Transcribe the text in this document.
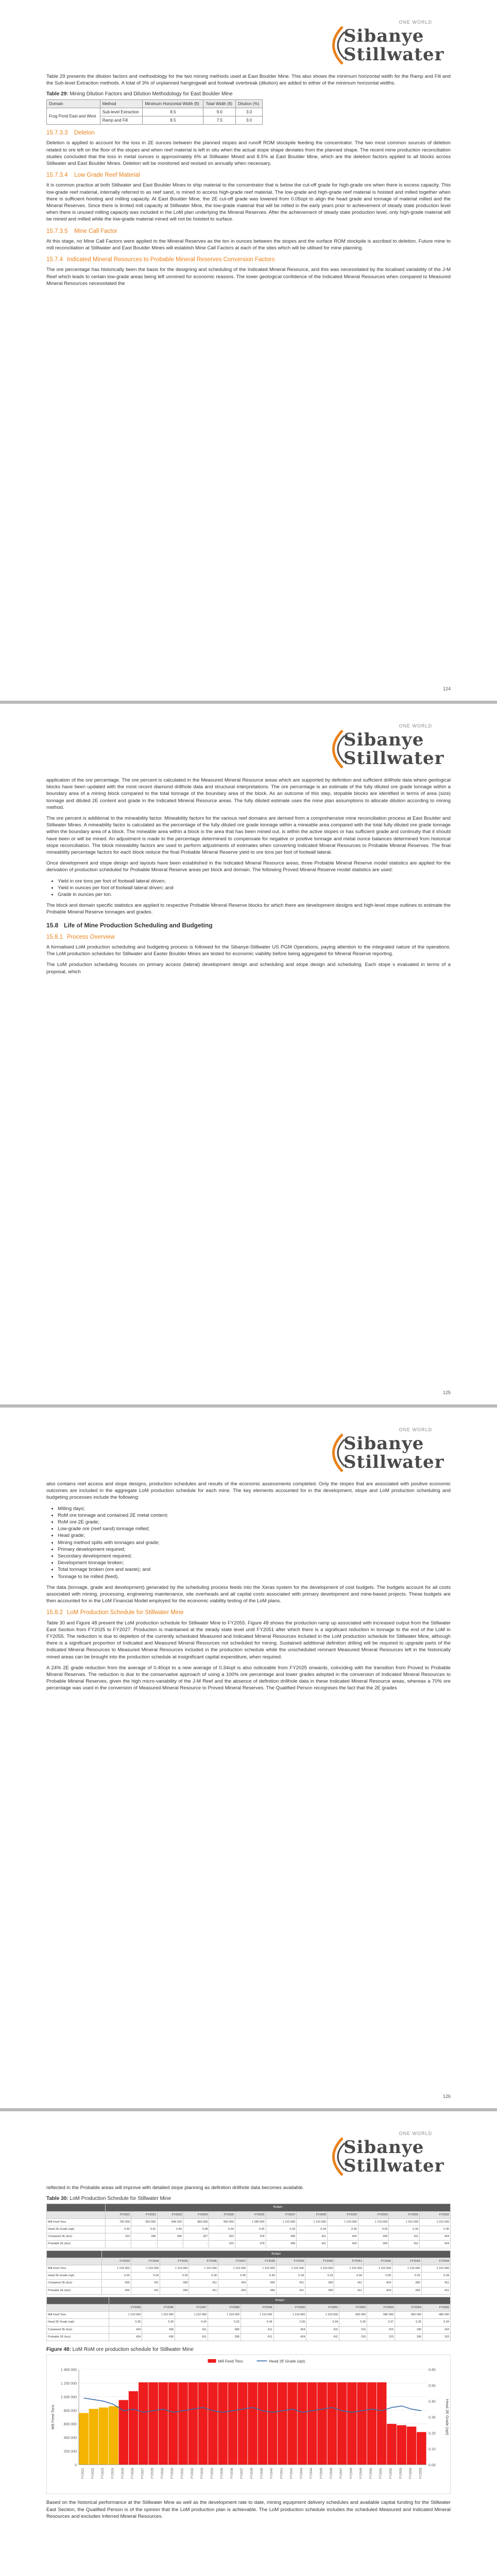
ONE WORLD
Sibanye
Stillwater

Table 29 presents the dilution factors and methodology for the two mining methods used at East Boulder Mine. This also shows the minimum horizontal width for the Ramp and Fill and the Sub-level Extraction methods. A total of 3% of unplanned hangingwall and footwall overbreak (dilution) are added to either of the minimum horizontal widths.

Table 29: Mining Dilution Factors and Dilution Methodology for East Boulder Mine
Domain	Method	Minimum Horizontal Width (ft)	Total Width (ft)	Dilution (%)
Frog Pond East and West	Sub-level Extraction	8.5	9.0	3.0
	Ramp and Fill	8.5	7.5	3.0
15.7.3.3 Deleton

Deletion is applied to account for the loss in 2E ounces between the planned stopes and runoff ROM stockpile feeding the concentrator. The two most common sources of deletion related to ore left on the floor of the stopes and when reef material is left in situ when the actual stope shape deviates from the planned shape. The recent mine production reconciliation studies concluded that the loss in metal ounces is approximately 6% at Stillwater Mined and 8.5% at East Boulder Mine, which are the deletion factors applied to all blocks across Stillwater and East Boulder Mines. Deletion will be monitored and revised on annually when necessary.

15.7.3.4 Low Grade Reef Material

It is common practice at both Stillwater and East Boulder Mines to ship material to the concentrator that is below the cut-off grade for high-grade ore when there is excess capacity. This low-grade reef material, internally referred to as reef sand, is mined to access high-grade reef material. The low-grade and high-grade reef material is hoisted and milled together when there is sufficient hoisting and milling capacity. At East Boulder Mine, the 2E cut-off grade was lowered from 0.05opt to align the head grade and tonnage of material milled and the Mineral Reserves. Since there is limited mill capacity at Stillwater Mine, the low-grade material that will be milled in the early years prior to achievement of steady state production level when there is unused milling capacity was included in the LoM plan underlying the Mineral Reserves. After the achievement of steady state production level, only high-grade material will be mined and milled while the low-grade material mined will not be hoisted to surface.

15.7.3.5 Mine Call Factor

At this stage, no Mine Call Factors were applied to the Mineral Reserves as the ton in ounces between the stopes and the surface ROM stockpile is ascribed to deletion. Future mine to mill reconciliation at Stillwater and East Boulder Mines will establish Mine Call Factors at each of the sites which will be utilised for mine planning.

15.7.4 Indicated Mineral Resources to Probable Mineral Reserves Conversion Factors

The ore percentage has historically been the basis for the designing and scheduling of the Indicated Mineral Resource, and this was necessitated by the localised variability of the J-M Reef which leads to certain low-grade areas being left unmined for economic reasons. The lower geological confidence of the Indicated Mineral Resources when compared to Measured Mineral Resources necessitated the

124
ONE WORLD
Sibanye
Stillwater

application of the ore percentage. The ore percent is calculated in the Measured Mineral Resource areas which are supported by definition and sufficient drillhole data where geological blocks have been updated with the most recent diamond drillhole data and structural interpretations. The ore percentage is an estimate of the fully diluted ore grade tonnage within a boundary area of a mining block compared to the total tonnage of the boundary area of the block. As an outcome of this step, stopable blocks are identified in terms of area (size) tonnage and diluted 2E content and grade in the Indicated Mineral Resource areas. The fully diluted estimate uses the mine plan assumptions to allocate dilution according to mining method.

The ore percent is additional to the mineability factor. Mineability factors for the various reef domains are derived from a comprehensive mine reconciliation process at East Boulder and Stillwater Mines. A mineability factor is calculated as the percentage of the fully diluted ore grade tonnage within a mineable area compared with the total fully diluted ore grade tonnage within the boundary area of a block. The mineable area within a block is the area that has been mined out, is within the active stopes or has sufficient grade and continuity that it should have been or will be mined. An adjustment is made to the percentage determined to compensate for negative or positive tonnage and metal ounce balances determined from historical stope reconciliation. The block mineability factors are used to perform adjustments of estimates when converting Indicated Mineral Resources to Probable Mineral Reserves. The final mineability percentage factors for each block reduce the final Probable Mineral Reserve yield to ore tons per foot of footwall lateral.

Once development and stope design and layouts have been established in the Indicated Mineral Resource areas, three Probable Mineral Reserve model statistics are applied for the derivation of production scheduled for Probable Mineral Reserve areas per block and domain. The following Proved Mineral Reserve model statistics are used:

• Yield in ore tons per foot of footwall lateral driven;
• Yield in ounces per foot of footwall lateral driven; and
• Grade in ounces per ton.

The block and domain specific statistics are applied to respective Probable Mineral Reserve blocks for which there are development designs and high-level stope outlines to estimate the Probable Mineral Reserve tonnages and grades.

15.8 Life of Mine Production Scheduling and Budgeting
15.8.1 Process Overview

A formalised LoM production scheduling and budgeting process is followed for the Sibanye-Stillwater US PGM Operations, paying attention to the integrated nature of the operations. The LoM production schedules for Stillwater and Easter Boulder Mines are tested for economic viability before being aggregated for Mineral Reserve reporting.

The LoM production scheduling focuses on primary access (lateral) development design and scheduling and stope design and scheduling. Each stope s evaluated in terms of a proposal, which

125
ONE WORLD
Sibanye
Stillwater

also contains reef access and stope designs, production schedules and results of the economic assessments completed. Only the stopes that are associated with positive economic outcomes are included in the aggregate LoM production schedule for each mine. The key elements accounted for in the development, stope and LoM production scheduling and budgeting processes include the following:

• Milling days;
• RoM ore tonnage and contained 2E metal content;
• RoM ore 2E grade;
• Low-grade ore (reef sand) tonnage milled;
• Head grade;
• Mining method splits with tonnages and grade;
• Primary development required;
• Secondary development required;
• Development tonnage broken;
• Total tonnage broken (ore and waste); and
• Tonnage to be milled (feed).

The data (tonnage, grade and development) generated by the scheduling process feeds into the Xeras system for the development of cost budgets. The budgets account for all costs associated with mining, processing, engineering maintenance, site overheads and all capital costs associated with primary development and mine-based projects. These budgets are then accounted for in the LoM Financial Model employed for the economic viability testing of the LoM plans.

15.8.2 LoM Production Schedule for Stillwater Mine

Table 30 and Figure 48 present the LoM production schedule for Stillwater Mine to FY2055. Figure 48 shows the production ramp up associated with increased output from the Stillwater East Section from FY2025 to FY2027. Production is maintained at the steady state level until FY2051 after which there is a significant reduction in tonnage to the end of the LoM in FY2055. The reduction is due to depletion of the currently scheduled Measured and Indicated Mineral Resources included in the LoM production schedule for Stillwater Mine, although there is a significant proportion of Indicated and Measured Mineral Resources not scheduled for mining. Sustained additional definition drilling will be required to upgrade parts of the Indicated Mineral Resources to Measured Mineral Resources included in the production schedule while the unscheduled remnant Measured Mineral Resources left in the historically mined areas can be brought into the production schedule at insignificant capital expenditure, when required.

A 24% 2E grade reduction from the average of 0.40opt to a new average of 0.34opt is also noticeable from FY2025 onwards, coinciding with the transition from Proved to Probable Mineral Reserves. The reduction is due to the conservative approach of using a 100% ore percentage and lower grades adopted in the conversion of Indicated Mineral Resources to Probable Mineral Reserves, given the high micro-variability of the J-M Reef and the absence of definition drillhole data in these Indicated Mineral Resource areas, whereas a 70% ore percentage was used in the conversion of Measured Mineral Resource to Proved Mineral Reserves. The Qualified Person recognises the fact that the 2E grades

126
ONE WORLD
Sibanye
Stillwater

reflected in the Probable areas will improve with detailed stope planning as definition drillhole data becomes available.

Table 30: LoM Production Schedule for Stillwater Mine
	Budget											
	FY2021	FY2022	FY2023	FY2024	FY2025	FY2026	FY2027	FY2028	FY2029	FY2030	FY2031	FY2032
Mill Feed Tons	760 000	820 000	840 000	860 000	950 000	1 080 000	1 210 000	1 210 000	1 210 000	1 210 000	1 210 000	1 210 000
Head 2E Grade (opt)	0.42	0.41	0.40	0.38	0.34	0.35	0.33	0.34	0.35	0.33	0.34	0.35
Contained 2E (koz)	319	336	336	327	323	378	399	411	424	399	411	424
Probable 2E (koz)	-	-	-	-	323	378	399	411	424	399	411	424
	Budget											
	FY2033	FY2034	FY2035	FY2036	FY2037	FY2038	FY2039	FY2040	FY2041	FY2042	FY2043	FY2044
Mill Feed Tons	1 210 000	1 210 000	1 210 000	1 210 000	1 210 000	1 210 000	1 210 000	1 210 000	1 210 000	1 210 000	1 210 000	1 210 000
Head 2E Grade (opt)	0.36	0.34	0.33	0.34	0.35	0.36	0.34	0.33	0.34	0.35	0.33	0.34
Contained 2E (koz)	436	411	399	411	424	436	411	399	411	424	399	411
Probable 2E (koz)	436	411	399	411	424	436	411	399	411	424	399	411
	Budget										
	FY2045	FY2046	FY2047	FY2048	FY2049	FY2050	FY2051	FY2052	FY2053	FY2054	FY2055
Mill Feed Tons	1 210 000	1 210 000	1 210 000	1 210 000	1 210 000	1 210 000	1 210 000	600 000	580 000	560 000	480 000
Head 2E Grade (opt)	0.35	0.36	0.34	0.33	0.34	0.35	0.34	0.36	0.37	0.35	0.34
Contained 2E (koz)	424	436	411	399	411	424	411	216	215	196	163
Probable 2E (koz)	424	436	411	399	411	424	411	216	215	196	163
Figure 48: LoM RoM ore production schedule for Stillwater Mine
1 400 000
1 200 000
1 000 000
800 000
600 000
400 000
200 000
0
0.60
0.50
0.40
0.30
0.20
0.10
0.00
Mill Feed Tons	Head 2E Grade (opt)
FY2021 FY2022 FY2023 FY2024 FY2025 FY2026 FY2027 FY2028 FY2029 FY2030 FY2031 FY2032 FY2033 FY2034 FY2035 FY2036 FY2037 FY2038 FY2039 FY2040 FY2041 FY2042 FY2043 FY2044 FY2045 FY2046 FY2047 FY2048 FY2049 FY2050 FY2051 FY2052 FY2053 FY2054 FY2055
Mill Feed Tons	Head 2E Grade (opt)

Based on the historical performance at the Stillwater Mine as well as the development rate to date, mining equipment delivery schedules and available capital funding for the Stillwater East Section, the Qualified Person is of the opinion that the LoM production plan is achievable. The LoM production schedule includes the scheduled Measured and Indicated Mineral Resources and excludes Inferred Mineral Resources.
